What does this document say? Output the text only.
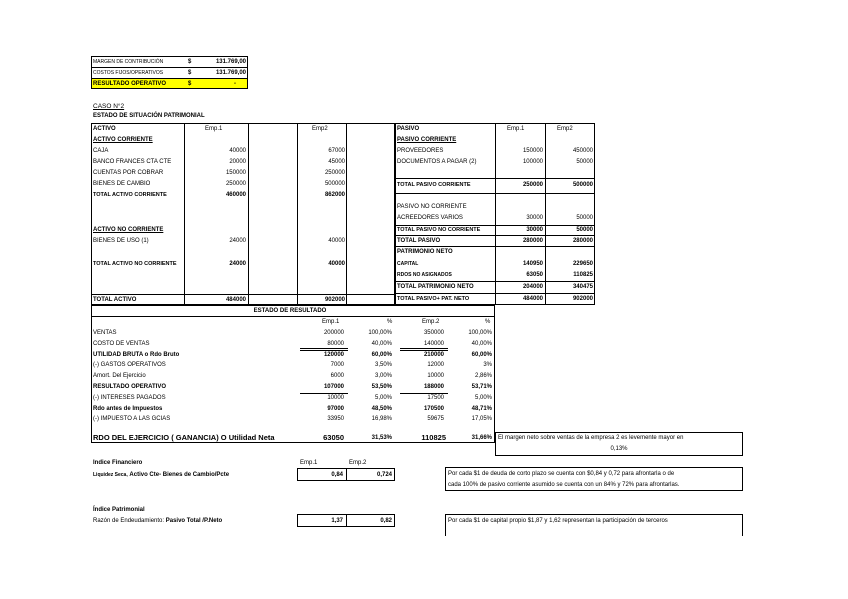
MARGEN DE CONTRIBUCIÓN	$	131.769,00
COSTOS FIJOS/OPERATIVOS	$	131.769,00
RESULTADO OPERATIVO	$	-
CASO N°2
ESTADO DE SITUACIÓN PATRIMONIAL
ACTIVO	Emp.1	Emp2
ACTIVO CORRIENTE
CAJA	40000	67000
BANCO FRANCES CTA CTE	20000	45000
CUENTAS POR COBRAR	150000	250000
BIENES DE CAMBIO	250000	500000
TOTAL ACTIVO CORRIENTE	460000	862000
ACTIVO NO CORRIENTE
BIENES DE USO (1)	24000	40000
TOTAL ACTIVO NO CORRIENTE	24000	40000
TOTAL ACTIVO	484000	902000
PASIVO	Emp.1	Emp2
PASIVO CORRIENTE
PROVEEDORES	150000	450000
DOCUMENTOS A PAGAR (2)	100000	50000
TOTAL PASIVO CORRIENTE	250000	500000
PASIVO NO CORRIENTE
ACREEDORES VARIOS	30000	50000
TOTAL PASIVO NO CORRIENTE	30000	50000
TOTAL PASIVO	280000	280000
PATRIMONIO NETO
CAPITAL	140950	229650
RDOS NO ASIGNADOS	63050	110825
TOTAL PATRIMONIO NETO	204000	340475
TOTAL PASIVO+ PAT. NETO	484000	902000
ESTADO DE RESULTADO
Emp.1	%	Emp.2	%
VENTAS	200000	100,00%	350000	100,00%
COSTO DE VENTAS	80000	40,00%	140000	40,00%
UTILIDAD BRUTA o Rdo Bruto	120000	60,00%	210000	60,00%
(-) GASTOS OPERATIVOS	7000	3,50%	12000	3%
Amort. Del Ejercicio	6000	3,00%	10000	2,86%
RESULTADO OPERATIVO	107000	53,50%	188000	53,71%
(-) INTERESES PAGADOS	10000	5,00%	17500	5,00%
Rdo antes de Impuestos	97000	48,50%	170500	48,71%
(-) IMPUESTO A LAS GCIAS	33950	16,98%	59675	17,05%
RDO DEL EJERCICIO ( GANANCIA) O Utilidad Neta	63050	31,53%	110825	31,66% El margen neto sobre ventas de la empresa 2 es levemente mayor en
0,13%
Indice Financiero	Emp.1	Emp.2
Liquidez Seca, Activo Cte- Bienes de Cambio/Pcte	0,84	0,724	Por cada $1 de deuda de corto plazo se cuenta con $0,84 y 0,72 para afrontarla o de
cada 100% de pasivo corriente asumido se cuenta con un 84% y 72% para afrontarlas.
Índice Patrimonial
Razón de Endeudamiento: Pasivo Total /P.Neto	1,37	0,82	Por cada $1 de capital propio $1,87 y 1,62 representan la participación de terceros
